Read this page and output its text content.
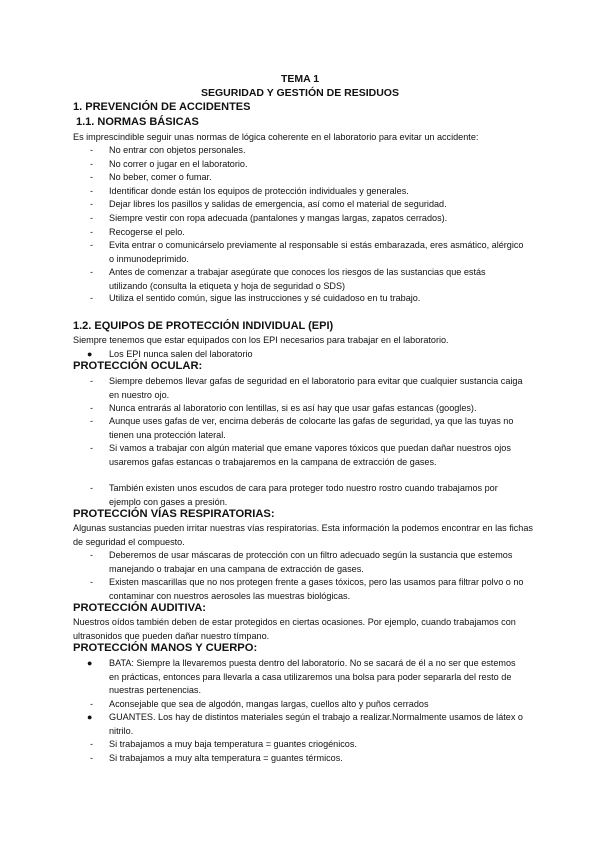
TEMA 1
SEGURIDAD Y GESTIÓN DE RESIDUOS
1. PREVENCIÓN DE ACCIDENTES
1.1. NORMAS BÁSICAS
Es imprescindible seguir unas normas de lógica coherente en el laboratorio para evitar un accidente:
-	No entrar con objetos personales.
-	No correr o jugar en el laboratorio.
-	No beber, comer o fumar.
-	Identificar donde están los equipos de protección individuales y generales.
-	Dejar libres los pasillos y salidas de emergencia, así como el material de seguridad.
-	Siempre vestir con ropa adecuada (pantalones y mangas largas, zapatos cerrados).
-	Recogerse el pelo.
-	Evita entrar o comunicárselo previamente al responsable si estás embarazada, eres asmático, alérgico o inmunodeprimido.
-	Antes de comenzar a trabajar asegúrate que conoces los riesgos de las sustancias que estás utilizando (consulta la etiqueta y hoja de seguridad o SDS)
-	Utiliza el sentido común, sigue las instrucciones y sé cuidadoso en tu trabajo.
1.2. EQUIPOS DE PROTECCIÓN INDIVIDUAL (EPI)
Siempre tenemos que estar equipados con los EPI necesarios para trabajar en el laboratorio.
●	Los EPI nunca salen del laboratorio
PROTECCIÓN OCULAR:
-	Siempre debemos llevar gafas de seguridad en el laboratorio para evitar que cualquier sustancia caiga en nuestro ojo.
-	Nunca entrarás al laboratorio con lentillas, si es así hay que usar gafas estancas (googles).
-	Aunque uses gafas de ver, encima deberás de colocarte las gafas de seguridad, ya que las tuyas no tienen una protección lateral.
-	Si vamos a trabajar con algún material que emane vapores tóxicos que puedan dañar nuestros ojos usaremos gafas estancas o trabajaremos en la campana de extracción de gases.
-	También existen unos escudos de cara para proteger todo nuestro rostro cuando trabajamos por ejemplo con gases a presión.
PROTECCIÓN VÍAS RESPIRATORIAS:
Algunas sustancias pueden irritar nuestras vías respiratorias. Esta información la podemos encontrar en las fichas de seguridad el compuesto.
-	Deberemos de usar máscaras de protección con un filtro adecuado según la sustancia que estemos manejando o trabajar en una campana de extracción de gases.
-	Existen mascarillas que no nos protegen frente a gases tóxicos, pero las usamos para filtrar polvo o no contaminar con nuestros aerosoles las muestras biológicas.
PROTECCIÓN AUDITIVA:
Nuestros oídos también deben de estar protegidos en ciertas ocasiones. Por ejemplo, cuando trabajamos con ultrasonidos que pueden dañar nuestro tímpano.
PROTECCIÓN MANOS Y CUERPO:
●	BATA: Siempre la llevaremos puesta dentro del laboratorio. No se sacará de él a no ser que estemos en prácticas, entonces para llevarla a casa utilizaremos una bolsa para poder separarla del resto de nuestras pertenencias.
-	Aconsejable que sea de algodón, mangas largas, cuellos alto y puños cerrados
●	GUANTES. Los hay de distintos materiales según el trabajo a realizar.Normalmente usamos de látex o nitrilo.
-	Si trabajamos a muy baja temperatura = guantes criogénicos.
-	Si trabajamos a muy alta temperatura = guantes térmicos.
